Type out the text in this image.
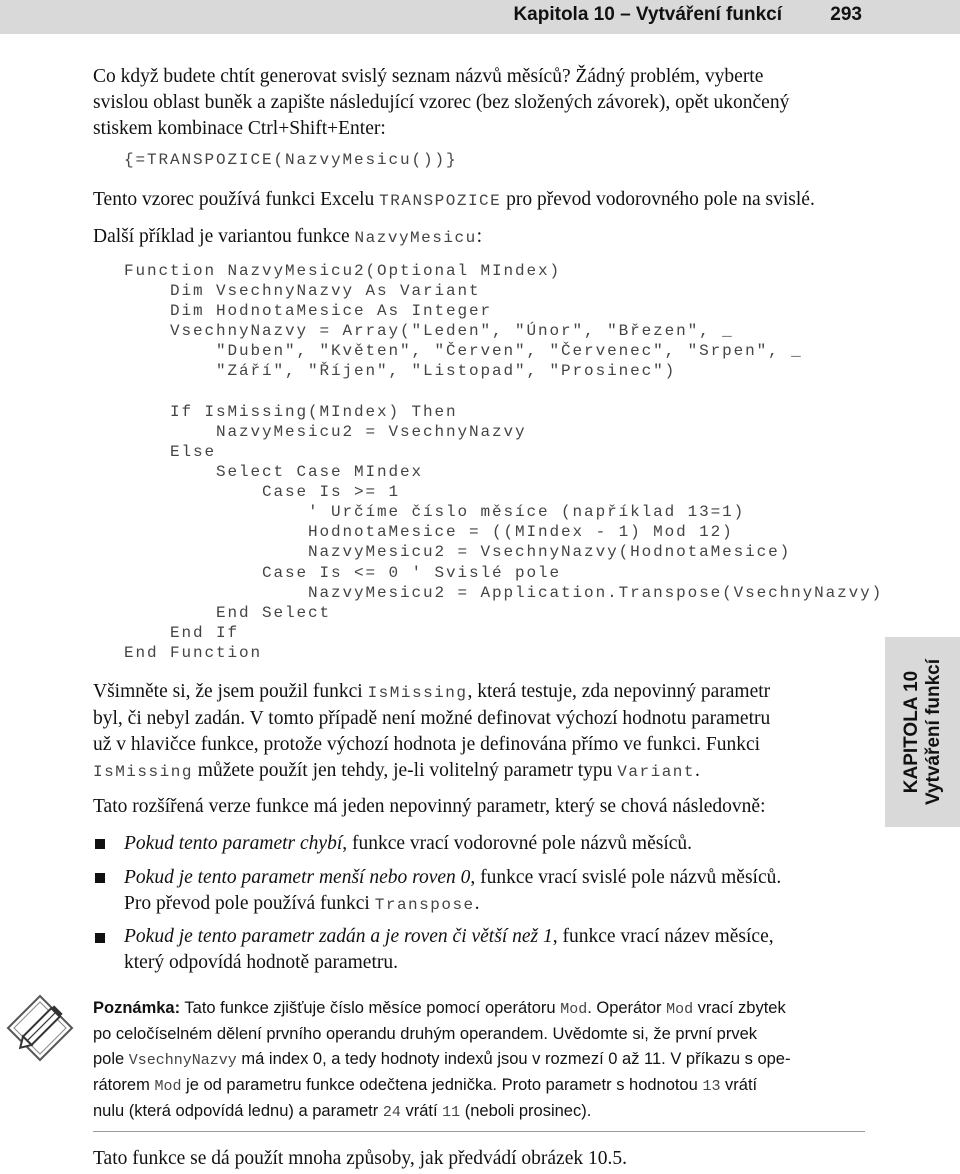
Kapitola 10 – Vytváření funkcí	293
Co když budete chtít generovat svislý seznam názvů měsíců? Žádný problém, vyberte
svislou oblast buněk a zapište následující vzorec (bez složených závorek), opět ukončený
stiskem kombinace Ctrl+Shift+Enter:
{=TRANSPOZICE(NazvyMesicu())}
Tento vzorec používá funkci Excelu TRANSPOZICE pro převod vodorovného pole na svislé.
Další příklad je variantou funkce NazvyMesicu:
Function NazvyMesicu2(Optional MIndex)
Dim VsechnyNazvy As Variant
Dim HodnotaMesice As Integer
VsechnyNazvy = Array("Leden", "Únor", "Březen", _
"Duben", "Květen", "Červen", "Červenec", "Srpen", _
"Září", "Říjen", "Listopad", "Prosinec")
If IsMissing(MIndex) Then
NazvyMesicu2 = VsechnyNazvy
Else
Select Case MIndex
Case Is >= 1
' Určíme číslo měsíce (například 13=1)
HodnotaMesice = ((MIndex - 1) Mod 12)
NazvyMesicu2 = VsechnyNazvy(HodnotaMesice)
Case Is <= 0 ' Svislé pole
NazvyMesicu2 = Application.Transpose(VsechnyNazvy)
End Select
End If
End Function
KAPITOLA 10 Vytváření funkcí
Všimněte si, že jsem použil funkci IsMissing, která testuje, zda nepovinný parametr
byl, či nebyl zadán. V tomto případě není možné definovat výchozí hodnotu parametru
už v hlavičce funkce, protože výchozí hodnota je definována přímo ve funkci. Funkci
IsMissing můžete použít jen tehdy, je-li volitelný parametr typu Variant.
Tato rozšířená verze funkce má jeden nepovinný parametr, který se chová následovně:
Pokud tento parametr chybí, funkce vrací vodorovné pole názvů měsíců.
Pokud je tento parametr menší nebo roven 0, funkce vrací svislé pole názvů měsíců.
Pro převod pole používá funkci Transpose.
Pokud je tento parametr zadán a je roven či větší než 1, funkce vrací název měsíce,
který odpovídá hodnotě parametru.
Poznámka: Tato funkce zjišťuje číslo měsíce pomocí operátoru Mod. Operátor Mod vrací zbytek
po celočíselném dělení prvního operandu druhým operandem. Uvědomte si, že první prvek
pole VsechnyNazvy má index 0, a tedy hodnoty indexů jsou v rozmezí 0 až 11. V příkazu s ope-
rátorem Mod je od parametru funkce odečtena jednička. Proto parametr s hodnotou 13 vrátí
nulu (která odpovídá lednu) a parametr 24 vrátí 11 (neboli prosinec).
Tato funkce se dá použít mnoha způsoby, jak předvádí obrázek 10.5.
